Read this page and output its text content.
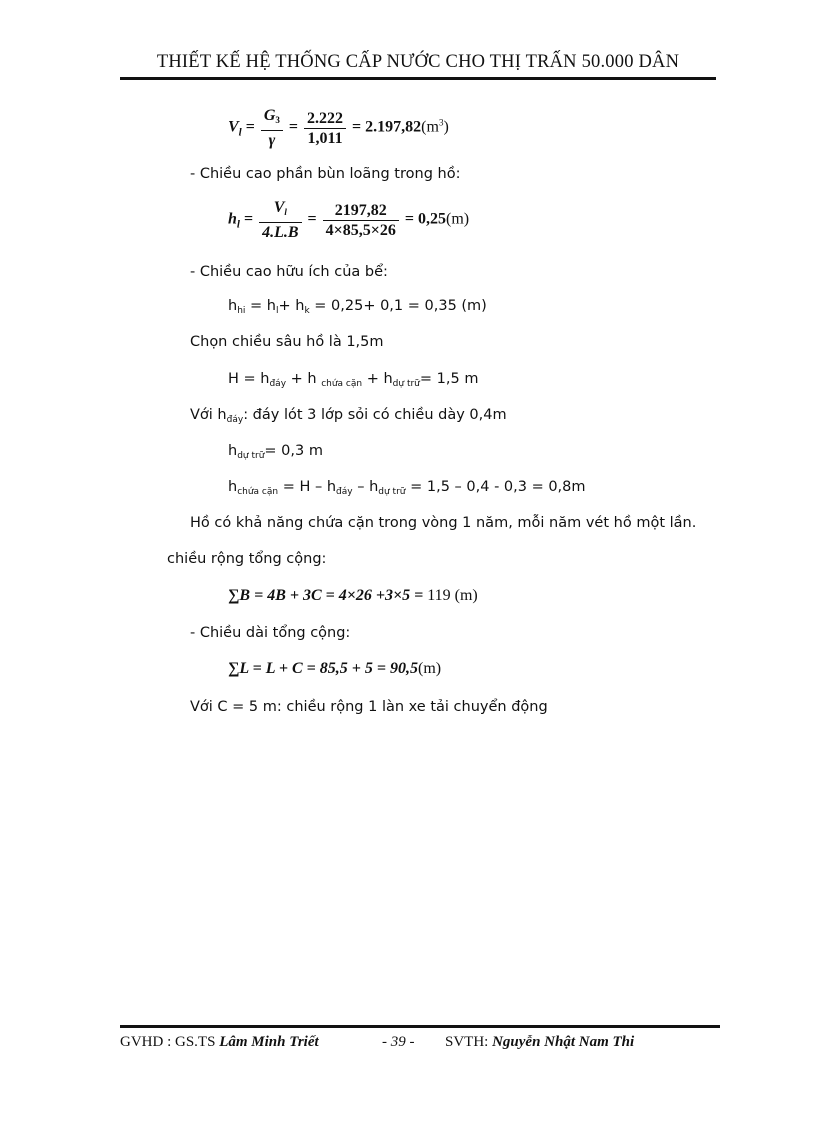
THIẾT KẾ HỆ THỐNG CẤP NƯỚC CHO THỊ TRẤN 50.000 DÂN
$V_l = \frac{G_3}{\gamma} = \frac{2.222}{1,011} = 2.197,82(m^3)$
- Chiều cao phần bùn loãng trong hồ:
$h_l = \frac{V_l}{4.L.B} = \frac{2197,82}{4\times 85,5\times 26} = 0,25(m)$
- Chiều cao hữu ích của bể:
$h_{hi} = h_l+ h_k = 0,25+ 0,1 = 0,35$ (m)
Chọn chiều sâu hồ là 1,5m
$H = h_{đáy} + h$ $_{chứa cặn} + h_{dự trữ}= 1,5$ m
Với $h_{đáy}$: đáy lót 3 lớp sỏi có chiều dày 0,4m
$h_{dự trữ}= 0,3$ m
$h_{chứa cặn} = H - h_{đáy} - h_{dự trữ} = 1,5 - 0,4 - 0,3 = 0,8m$
Hồ có khả năng chứa cặn trong vòng 1 năm, mỗi năm vét hồ một lần.
chiều rộng tổng cộng:
∑B = 4B + 3C = 4×26 +3×5 = 119 (m)
- Chiều dài tổng cộng:
∑L = L + C = 85,5 + 5 = 90,5(m)
Với C = 5 m: chiều rộng 1 làn xe tải chuyển động
GVHD : GS.TS Lâm Minh Triết	- 39 - SVTH: Nguyễn Nhật Nam Thi
